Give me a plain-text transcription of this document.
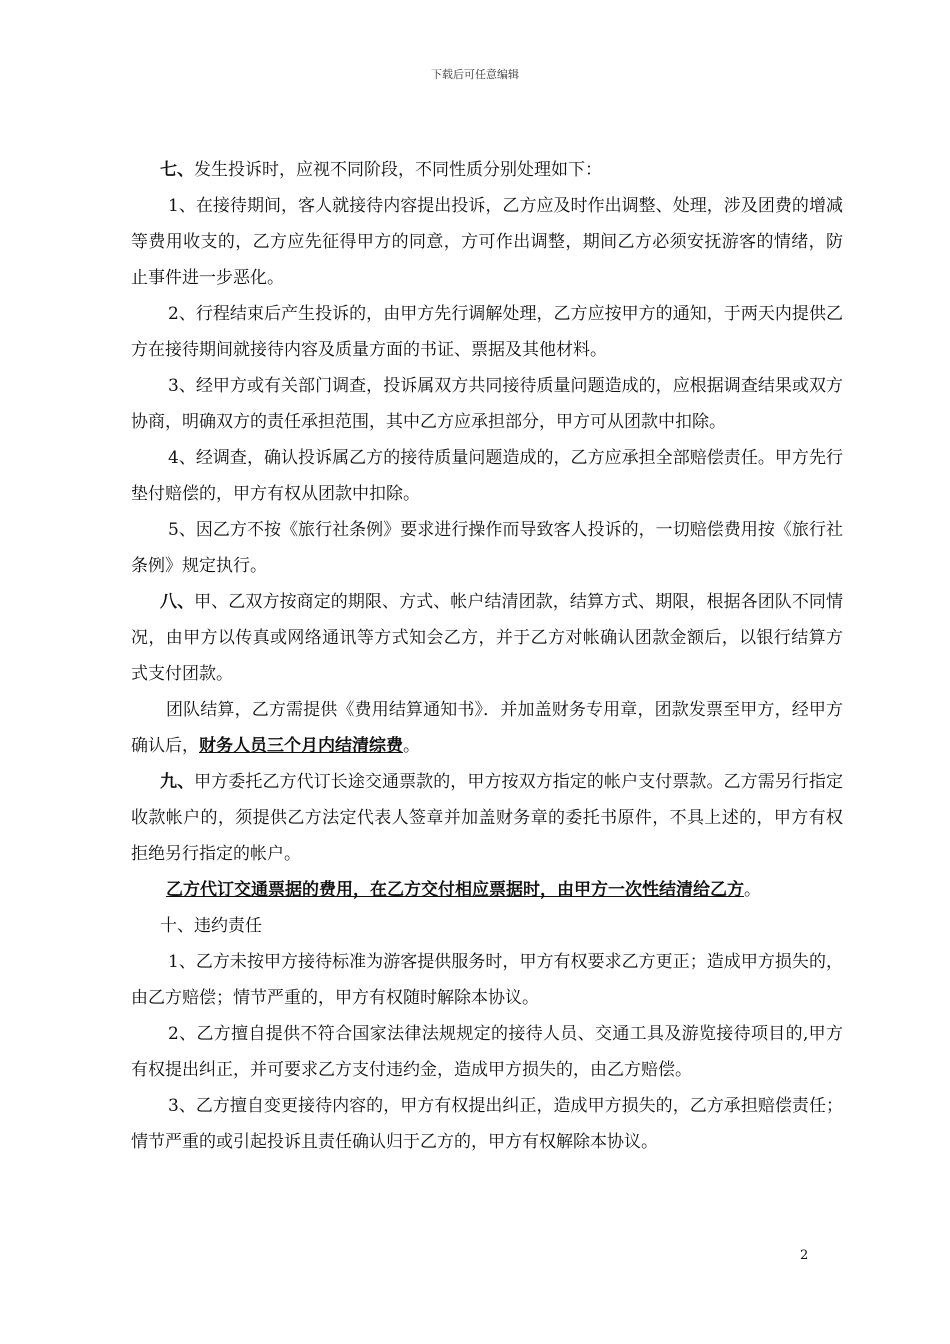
下载后可任意编辑

七、发生投诉时，应视不同阶段，不同性质分别处理如下：

1、在接待期间，客人就接待内容提出投诉，乙方应及时作出调整、处理，涉及团费的增减等费用收支的，乙方应先征得甲方的同意，方可作出调整，期间乙方必须安抚游客的情绪，防止事件进一步恶化。

2、行程结束后产生投诉的，由甲方先行调解处理，乙方应按甲方的通知，于两天内提供乙方在接待期间就接待内容及质量方面的书证、票据及其他材料。

3、经甲方或有关部门调查，投诉属双方共同接待质量问题造成的，应根据调查结果或双方协商，明确双方的责任承担范围，其中乙方应承担部分，甲方可从团款中扣除。

4、经调查，确认投诉属乙方的接待质量问题造成的，乙方应承担全部赔偿责任。甲方先行垫付赔偿的，甲方有权从团款中扣除。

5、因乙方不按《旅行社条例》要求进行操作而导致客人投诉的，一切赔偿费用按《旅行社条例》规定执行。

八、甲、乙双方按商定的期限、方式、帐户结清团款，结算方式、期限，根据各团队不同情况，由甲方以传真或网络通讯等方式知会乙方，并于乙方对帐确认团款金额后，以银行结算方式支付团款。

团队结算，乙方需提供《费用结算通知书》．并加盖财务专用章，团款发票至甲方，经甲方确认后，财务人员三个月内结清综费。

九、甲方委托乙方代订长途交通票款的，甲方按双方指定的帐户支付票款。乙方需另行指定收款帐户的，须提供乙方法定代表人签章并加盖财务章的委托书原件，不具上述的，甲方有权拒绝另行指定的帐户。

乙方代订交通票据的费用，在乙方交付相应票据时，由甲方一次性结清给乙方。

十、违约责任

1、乙方未按甲方接待标准为游客提供服务时，甲方有权要求乙方更正；造成甲方损失的，由乙方赔偿；情节严重的，甲方有权随时解除本协议。

2、乙方擅自提供不符合国家法律法规规定的接待人员、交通工具及游览接待项目的,甲方有权提出纠正，并可要求乙方支付违约金，造成甲方损失的，由乙方赔偿。

3、乙方擅自变更接待内容的，甲方有权提出纠正，造成甲方损失的，乙方承担赔偿责任；情节严重的或引起投诉且责任确认归于乙方的，甲方有权解除本协议。

2
